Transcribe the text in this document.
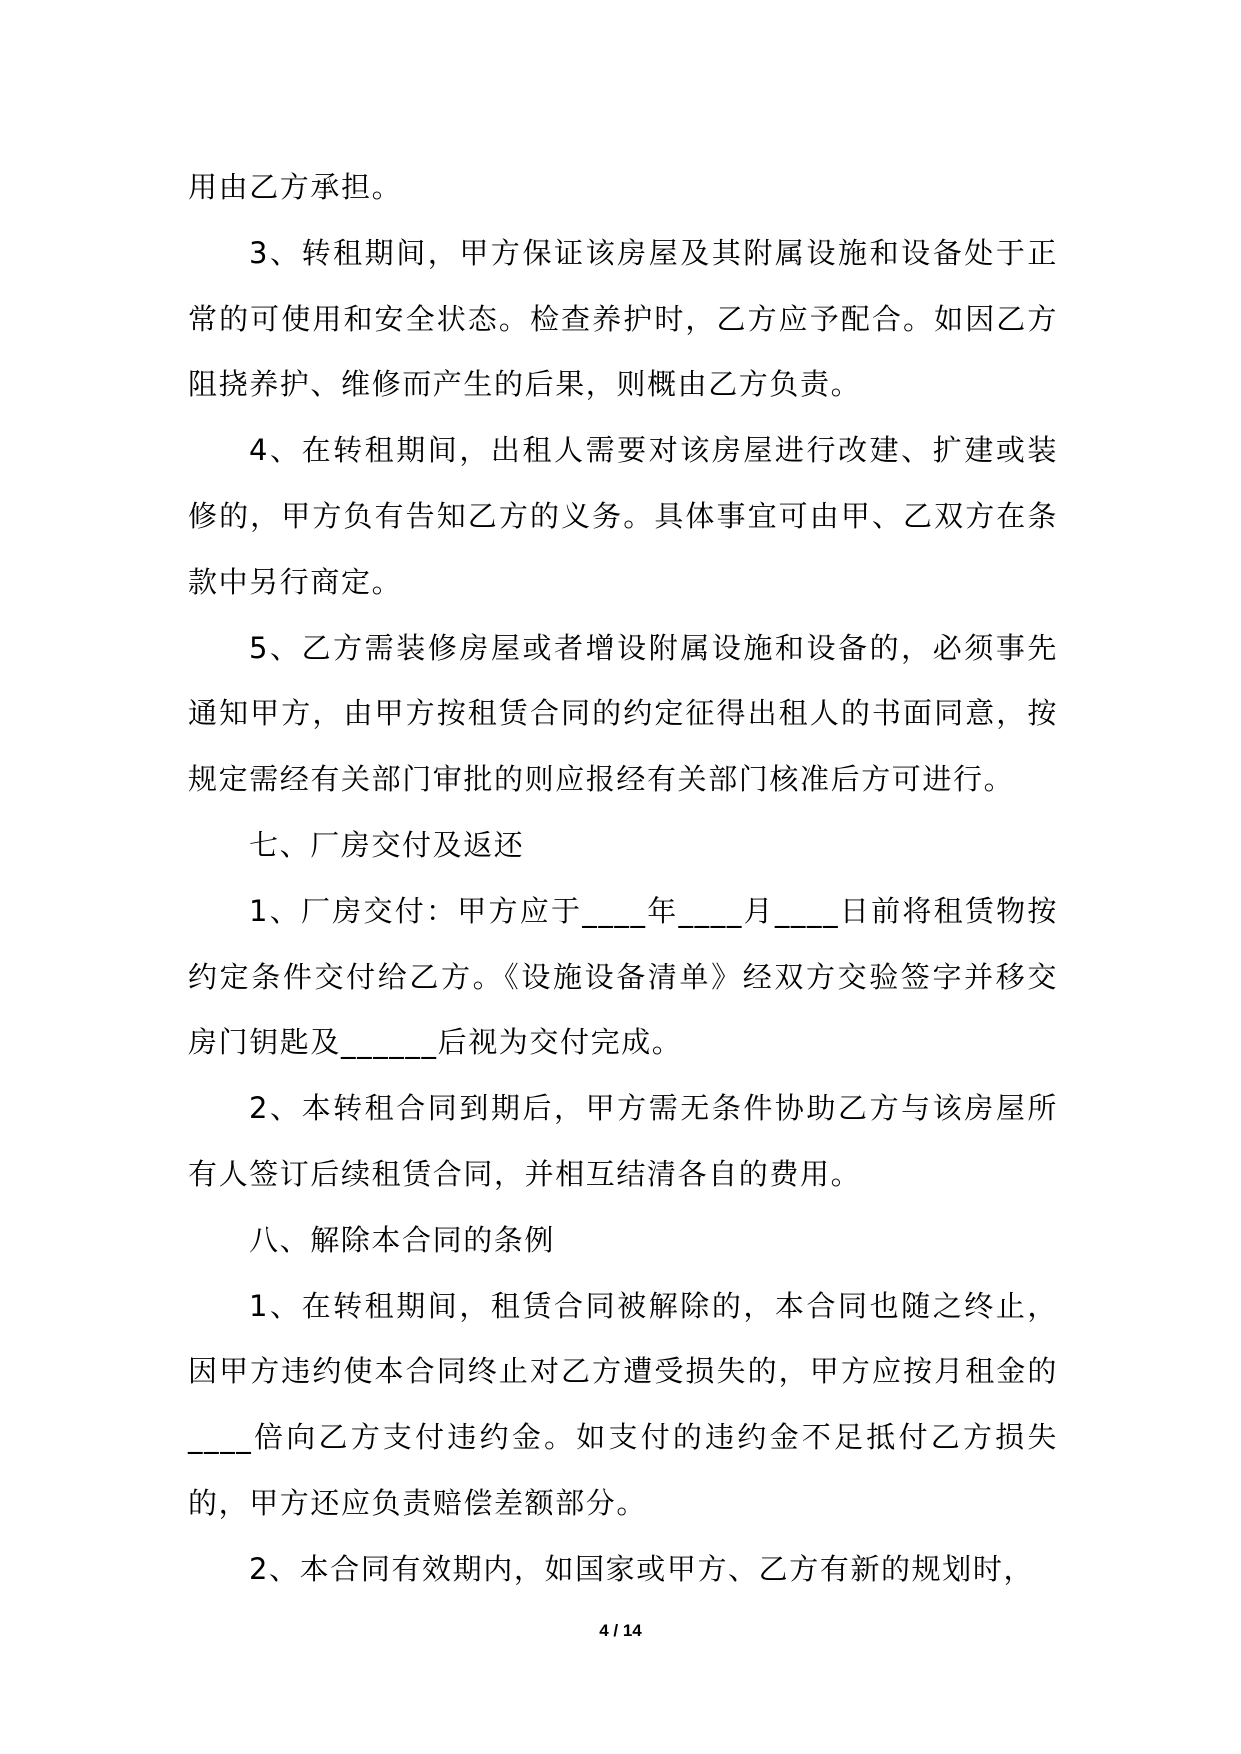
用由乙方承担。

3、转租期间，甲方保证该房屋及其附属设施和设备处于正常的可使用和安全状态。检查养护时，乙方应予配合。如因乙方阻挠养护、维修而产生的后果，则概由乙方负责。

4、在转租期间，出租人需要对该房屋进行改建、扩建或装修的，甲方负有告知乙方的义务。具体事宜可由甲、乙双方在条款中另行商定。

5、乙方需装修房屋或者增设附属设施和设备的，必须事先通知甲方，由甲方按租赁合同的约定征得出租人的书面同意，按规定需经有关部门审批的则应报经有关部门核准后方可进行。

七、厂房交付及返还

1、厂房交付：甲方应于____年____月____日前将租赁物按约定条件交付给乙方。《设施设备清单》经双方交验签字并移交房门钥匙及______后视为交付完成。

2、本转租合同到期后，甲方需无条件协助乙方与该房屋所有人签订后续租赁合同，并相互结清各自的费用。

八、解除本合同的条例

1、在转租期间，租赁合同被解除的，本合同也随之终止，因甲方违约使本合同终止对乙方遭受损失的，甲方应按月租金的____倍向乙方支付违约金。如支付的违约金不足抵付乙方损失的，甲方还应负责赔偿差额部分。

2、本合同有效期内，如国家或甲方、乙方有新的规划时，

4 / 14
